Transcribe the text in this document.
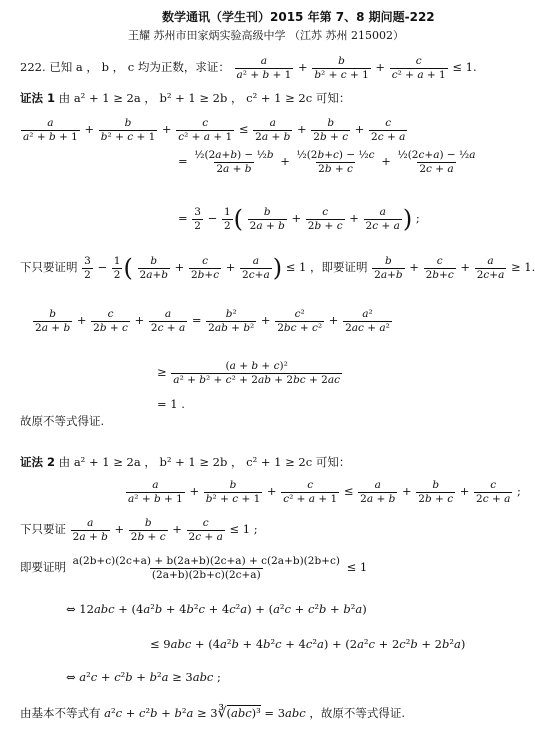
数学通讯（学生刊）2015 年第 7、8 期问题-222
王耀 苏州市田家炳实验高级中学 （江苏 苏州 215002）
222. 已知 a ， b ， c 均为正数，求证： $\frac{a}{\text{a² + b + 1}} + \frac{b}{\text{b² + c + 1}} + \frac{c}{\text{c² + a + 1}} \le 1$.
证法 1 由 a² + 1 ≥ 2a ， b² + 1 ≥ 2b ， c² + 1 ≥ 2c 可知：
$\frac{a}{\text{a² + b + 1}} + \frac{b}{\text{b² + c + 1}} + \frac{c}{\text{c² + a + 1}} \le \frac{a}{2a + b} + \frac{b}{2b + c} + \frac{c}{2c + a}$
= $\frac{\text{½(2a+b) − ½b}}{2a + b} + \frac{\text{½(2b+c) − ½c}}{2b + c} + \frac{\text{½(2c+a) − ½a}}{2c + a}$
= $\frac{3}{2} - \frac{1}{2}$ ( $\frac{b}{2a + b} + \frac{c}{2b + c} + \frac{a}{2c + a}$ ) ;
下只要证明 $\frac{3}{2} - \frac{1}{2}$ ( $\frac{b}{2a+b} + \frac{c}{2b+c} + \frac{a}{2c+a}$ ) ≤ 1 ，即要证明 $\frac{b}{2a+b} + \frac{c}{2b+c} + \frac{a}{2c+a} \ge 1$.
$\frac{b}{2a + b} + \frac{c}{2b + c} + \frac{a}{2c + a} = \frac{\text{b²}}{\text{2ab + b²}} + \frac{\text{c²}}{\text{2bc + c²}} + \frac{\text{a²}}{\text{2ac + a²}}$
≥ $\frac{\text{(a + b + c)²}}{\text{a² + b² + c² + 2ab + 2bc + 2ac}}$
= 1 .
故原不等式得证.
证法 2 由 a² + 1 ≥ 2a ， b² + 1 ≥ 2b ， c² + 1 ≥ 2c 可知：
$\frac{a}{\text{a² + b + 1}} + \frac{b}{\text{b² + c + 1}} + \frac{c}{\text{c² + a + 1}} \le \frac{a}{2a + b} + \frac{b}{2b + c} + \frac{c}{2c + a}$ ;
下只要证 $\frac{a}{2a + b} + \frac{b}{2b + c} + \frac{c}{2c + a} \le 1$ ;
即要证明 $\frac{a(2b+c)(2c+a) + b(2a+b)(2c+a) + c(2a+b)(2b+c)}{(2a+b)(2b+c)(2c+a)} \le 1$
⇔ 12abc + (4a²b + 4b²c + 4c²a) + (a²c + c²b + b²a)
≤ 9abc + (4a²b + 4b²c + 4c²a) + (2a²c + 2c²b + 2b²a)
⇔ a²c + c²b + b²a ≥ 3abc ;
由基本不等式有 a²c + c²b + b²a ≥ 3∛(abc)³ = 3abc ，故原不等式得证.
